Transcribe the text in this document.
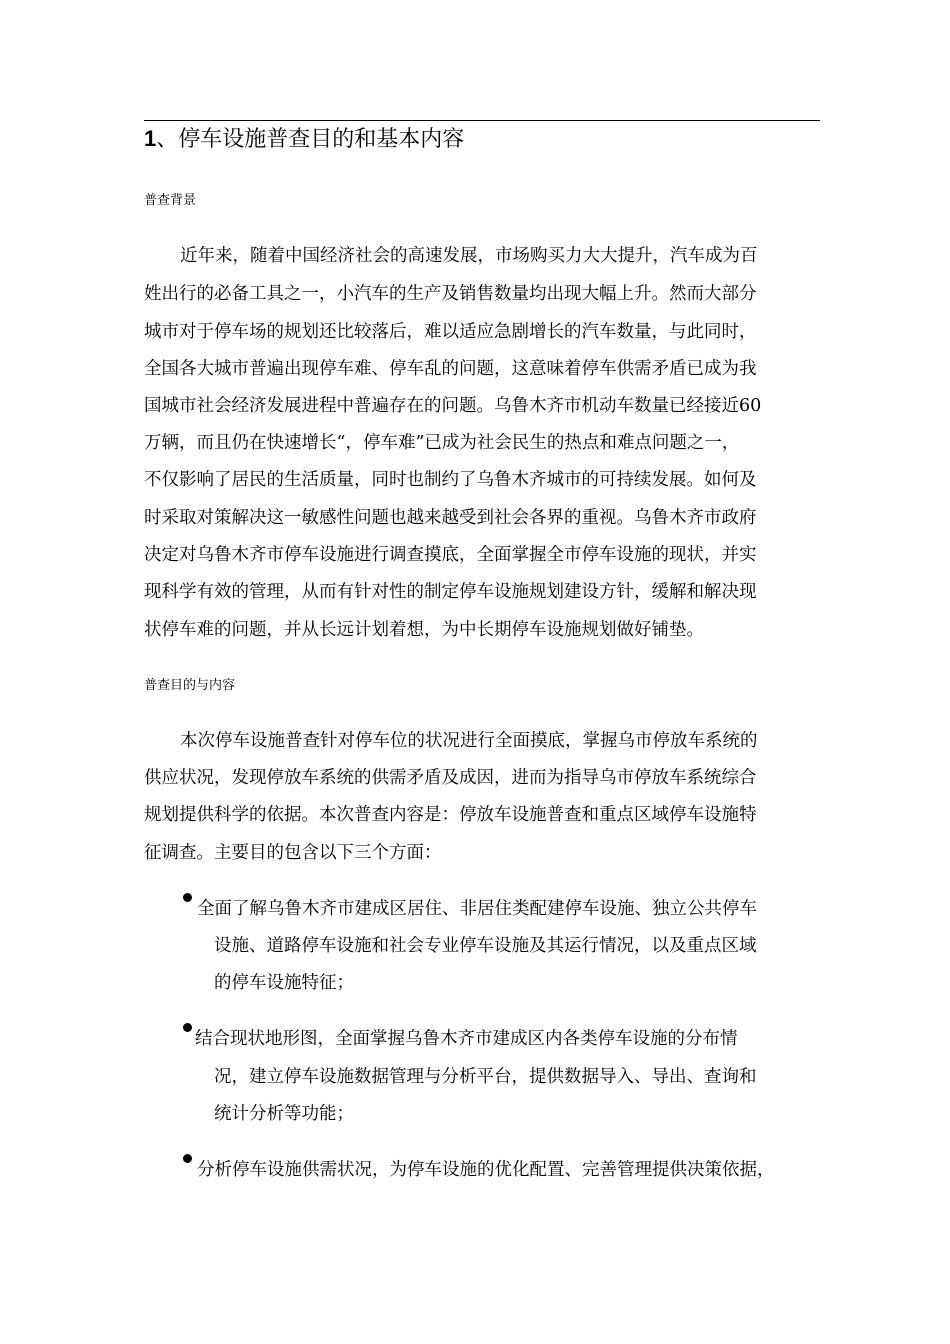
1、停车设施普查目的和基本内容
普查背景
近年来，随着中国经济社会的高速发展，市场购买力大大提升，汽车成为百
姓出行的必备工具之一，小汽车的生产及销售数量均出现大幅上升。然而大部分
城市对于停车场的规划还比较落后，难以适应急剧增长的汽车数量，与此同时，
全国各大城市普遍出现停车难、停车乱的问题，这意味着停车供需矛盾已成为我
国城市社会经济发展进程中普遍存在的问题。乌鲁木齐市机动车数量已经接近60
万辆，而且仍在快速增长“，停车难”已成为社会民生的热点和难点问题之一，
不仅影响了居民的生活质量，同时也制约了乌鲁木齐城市的可持续发展。如何及
时采取对策解决这一敏感性问题也越来越受到社会各界的重视。乌鲁木齐市政府
决定对乌鲁木齐市停车设施进行调查摸底，全面掌握全市停车设施的现状，并实
现科学有效的管理，从而有针对性的制定停车设施规划建设方针，缓解和解决现
状停车难的问题，并从长远计划着想，为中长期停车设施规划做好铺垫。
普查目的与内容
本次停车设施普查针对停车位的状况进行全面摸底，掌握乌市停放车系统的
供应状况，发现停放车系统的供需矛盾及成因，进而为指导乌市停放车系统综合
规划提供科学的依据。本次普查内容是：停放车设施普查和重点区域停车设施特
征调查。主要目的包含以下三个方面：
全面了解乌鲁木齐市建成区居住、非居住类配建停车设施、独立公共停车
设施、道路停车设施和社会专业停车设施及其运行情况，以及重点区域
的停车设施特征；
结合现状地形图，全面掌握乌鲁木齐市建成区内各类停车设施的分布情
况，建立停车设施数据管理与分析平台，提供数据导入、导出、查询和
统计分析等功能；
分析停车设施供需状况，为停车设施的优化配置、完善管理提供决策依据，
